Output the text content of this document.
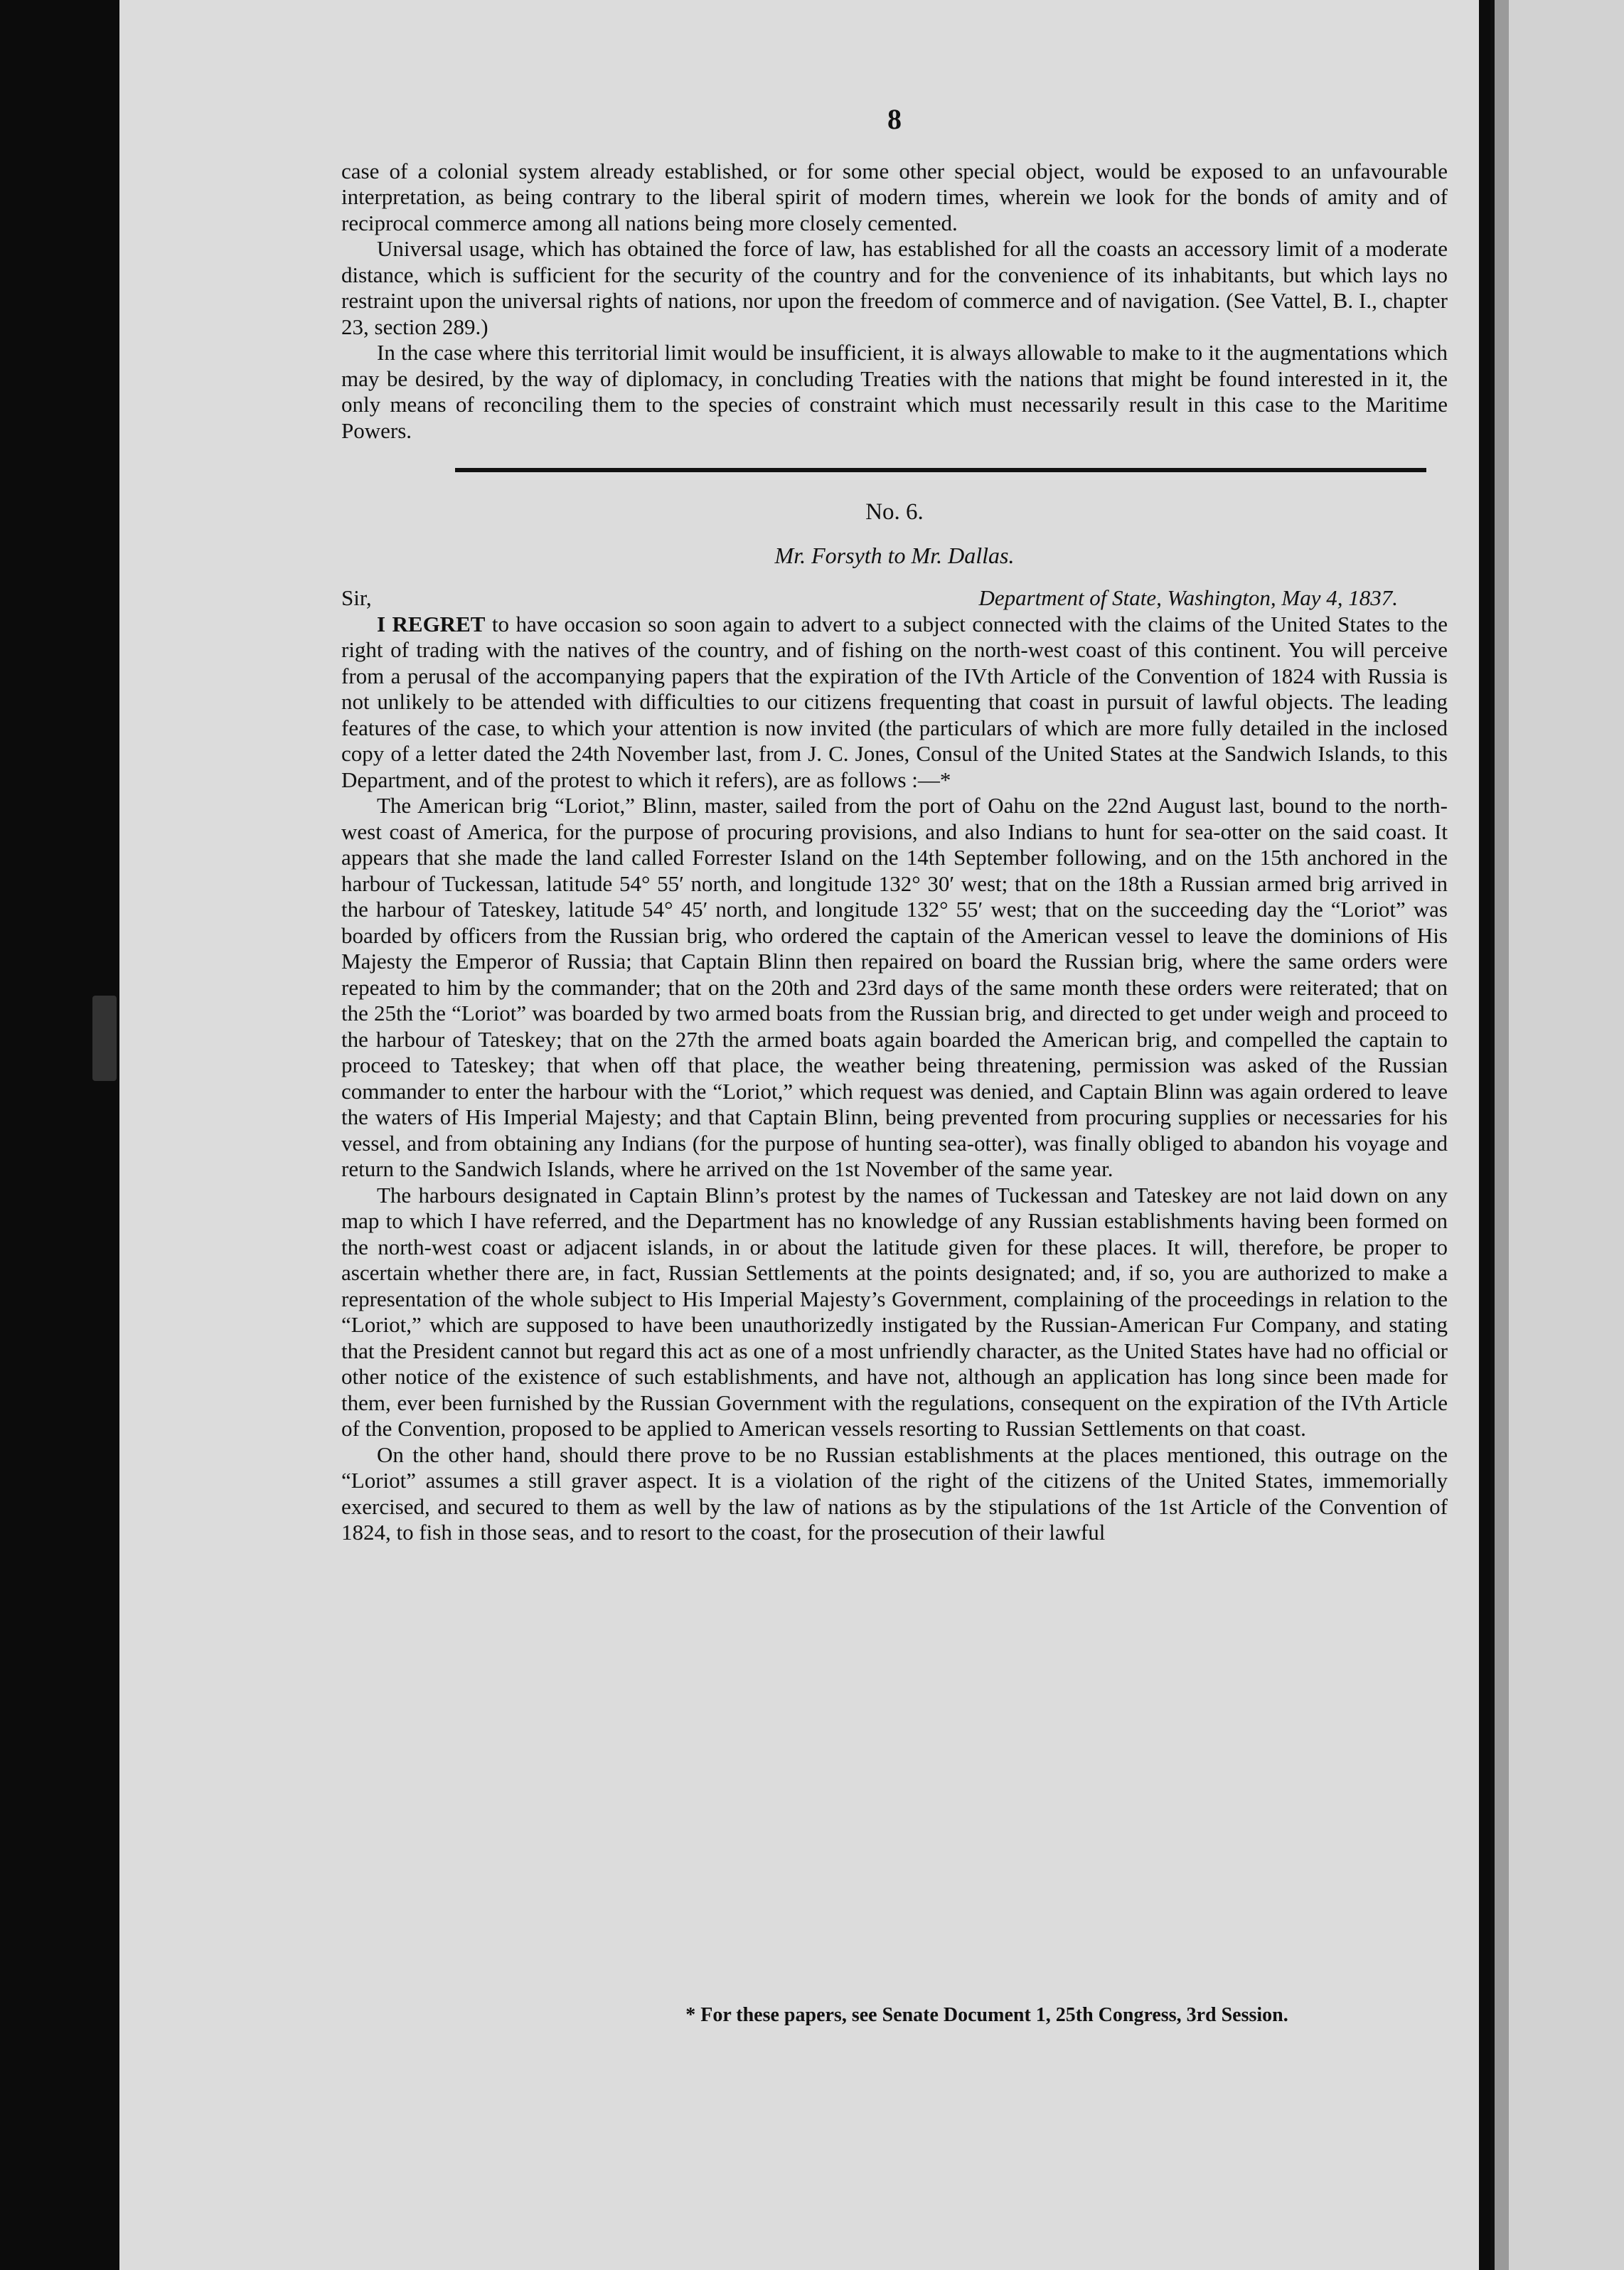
8

case of a colonial system already established, or for some other special object, would be exposed to an unfavourable interpretation, as being contrary to the liberal spirit of modern times, wherein we look for the bonds of amity and of reciprocal commerce among all nations being more closely cemented.

Universal usage, which has obtained the force of law, has established for all the coasts an accessory limit of a moderate distance, which is sufficient for the security of the country and for the convenience of its inhabitants, but which lays no restraint upon the universal rights of nations, nor upon the freedom of commerce and of navigation. (See Vattel, B. I., chapter 23, section 289.)

In the case where this territorial limit would be insufficient, it is always allowable to make to it the augmentations which may be desired, by the way of diplomacy, in concluding Treaties with the nations that might be found interested in it, the only means of reconciling them to the species of constraint which must necessarily result in this case to the Maritime Powers.

No. 6.
Mr. Forsyth to Mr. Dallas.
Sir,	Department of State, Washington, May 4, 1837.

I REGRET to have occasion so soon again to advert to a subject connected with the claims of the United States to the right of trading with the natives of the country, and of fishing on the north-west coast of this continent. You will perceive from a perusal of the accompanying papers that the expiration of the IVth Article of the Convention of 1824 with Russia is not unlikely to be attended with difficulties to our citizens frequenting that coast in pursuit of lawful objects. The leading features of the case, to which your attention is now invited (the particulars of which are more fully detailed in the inclosed copy of a letter dated the 24th November last, from J. C. Jones, Consul of the United States at the Sandwich Islands, to this Department, and of the protest to which it refers), are as follows :—*

The American brig “Loriot,” Blinn, master, sailed from the port of Oahu on the 22nd August last, bound to the north-west coast of America, for the purpose of procuring provisions, and also Indians to hunt for sea-otter on the said coast. It appears that she made the land called Forrester Island on the 14th September following, and on the 15th anchored in the harbour of Tuckessan, latitude 54° 55′ north, and longitude 132° 30′ west; that on the 18th a Russian armed brig arrived in the harbour of Tateskey, latitude 54° 45′ north, and longitude 132° 55′ west; that on the succeeding day the “Loriot” was boarded by officers from the Russian brig, who ordered the captain of the American vessel to leave the dominions of His Majesty the Emperor of Russia; that Captain Blinn then repaired on board the Russian brig, where the same orders were repeated to him by the commander; that on the 20th and 23rd days of the same month these orders were reiterated; that on the 25th the “Loriot” was boarded by two armed boats from the Russian brig, and directed to get under weigh and proceed to the harbour of Tateskey; that on the 27th the armed boats again boarded the American brig, and compelled the captain to proceed to Tateskey; that when off that place, the weather being threatening, permission was asked of the Russian commander to enter the harbour with the “Loriot,” which request was denied, and Captain Blinn was again ordered to leave the waters of His Imperial Majesty; and that Captain Blinn, being prevented from procuring supplies or necessaries for his vessel, and from obtaining any Indians (for the purpose of hunting sea-otter), was finally obliged to abandon his voyage and return to the Sandwich Islands, where he arrived on the 1st November of the same year.

The harbours designated in Captain Blinn’s protest by the names of Tuckessan and Tateskey are not laid down on any map to which I have referred, and the Department has no knowledge of any Russian establishments having been formed on the north-west coast or adjacent islands, in or about the latitude given for these places. It will, therefore, be proper to ascertain whether there are, in fact, Russian Settlements at the points designated; and, if so, you are authorized to make a representation of the whole subject to His Imperial Majesty’s Government, complaining of the proceedings in relation to the “Loriot,” which are supposed to have been unauthorizedly instigated by the Russian-American Fur Company, and stating that the President cannot but regard this act as one of a most unfriendly character, as the United States have had no official or other notice of the existence of such establishments, and have not, although an application has long since been made for them, ever been furnished by the Russian Government with the regulations, consequent on the expiration of the IVth Article of the Convention, proposed to be applied to American vessels resorting to Russian Settlements on that coast.

On the other hand, should there prove to be no Russian establishments at the places mentioned, this outrage on the “Loriot” assumes a still graver aspect. It is a violation of the right of the citizens of the United States, immemorially exercised, and secured to them as well by the law of nations as by the stipulations of the 1st Article of the Convention of 1824, to fish in those seas, and to resort to the coast, for the prosecution of their lawful

* For these papers, see Senate Document 1, 25th Congress, 3rd Session.
